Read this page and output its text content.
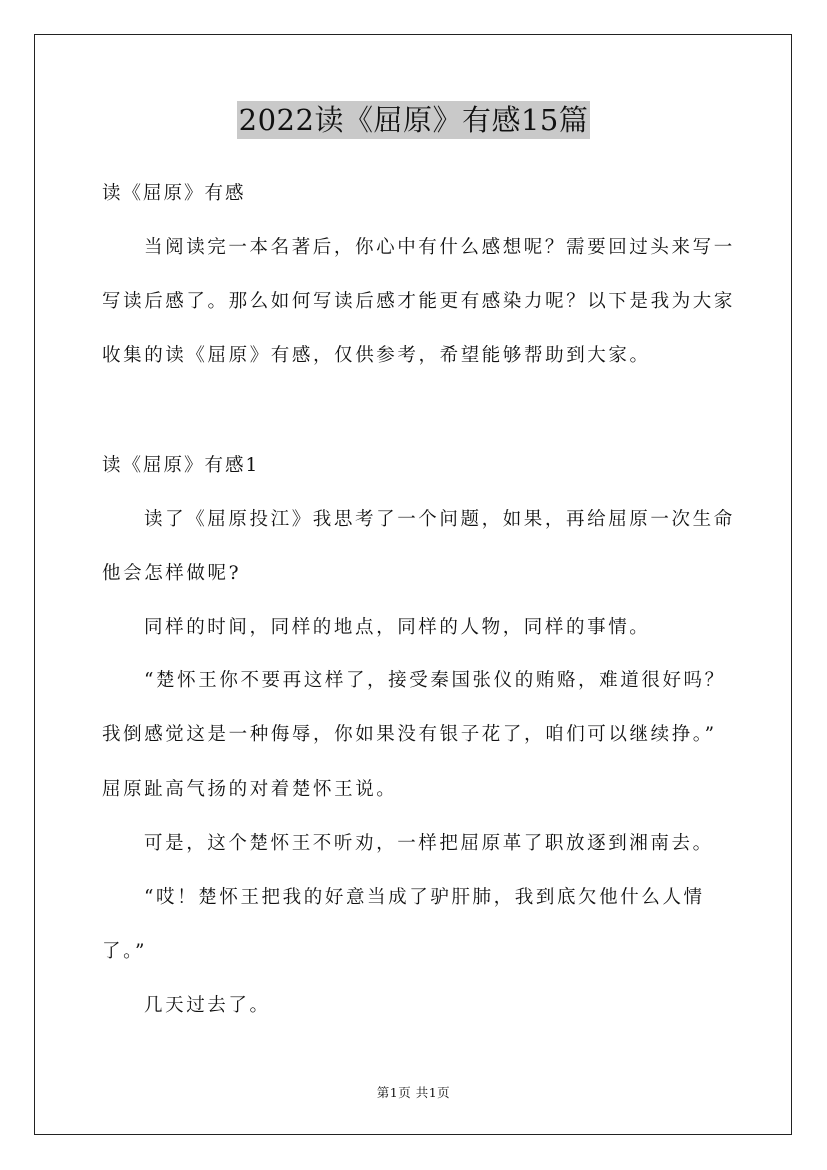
2022读《屈原》有感15篇
读《屈原》有感
当阅读完一本名著后，你心中有什么感想呢？需要回过头来写一
写读后感了。那么如何写读后感才能更有感染力呢？以下是我为大家
收集的读《屈原》有感，仅供参考，希望能够帮助到大家。
读《屈原》有感1
读了《屈原投江》我思考了一个问题，如果，再给屈原一次生命
他会怎样做呢?
同样的时间，同样的地点，同样的人物，同样的事情。
“楚怀王你不要再这样了，接受秦国张仪的贿赂，难道很好吗？
我倒感觉这是一种侮辱，你如果没有银子花了，咱们可以继续挣。”
屈原趾高气扬的对着楚怀王说。
可是，这个楚怀王不听劝，一样把屈原革了职放逐到湘南去。
“哎！楚怀王把我的好意当成了驴肝肺，我到底欠他什么人情
了。”
几天过去了。
第1页 共1页
